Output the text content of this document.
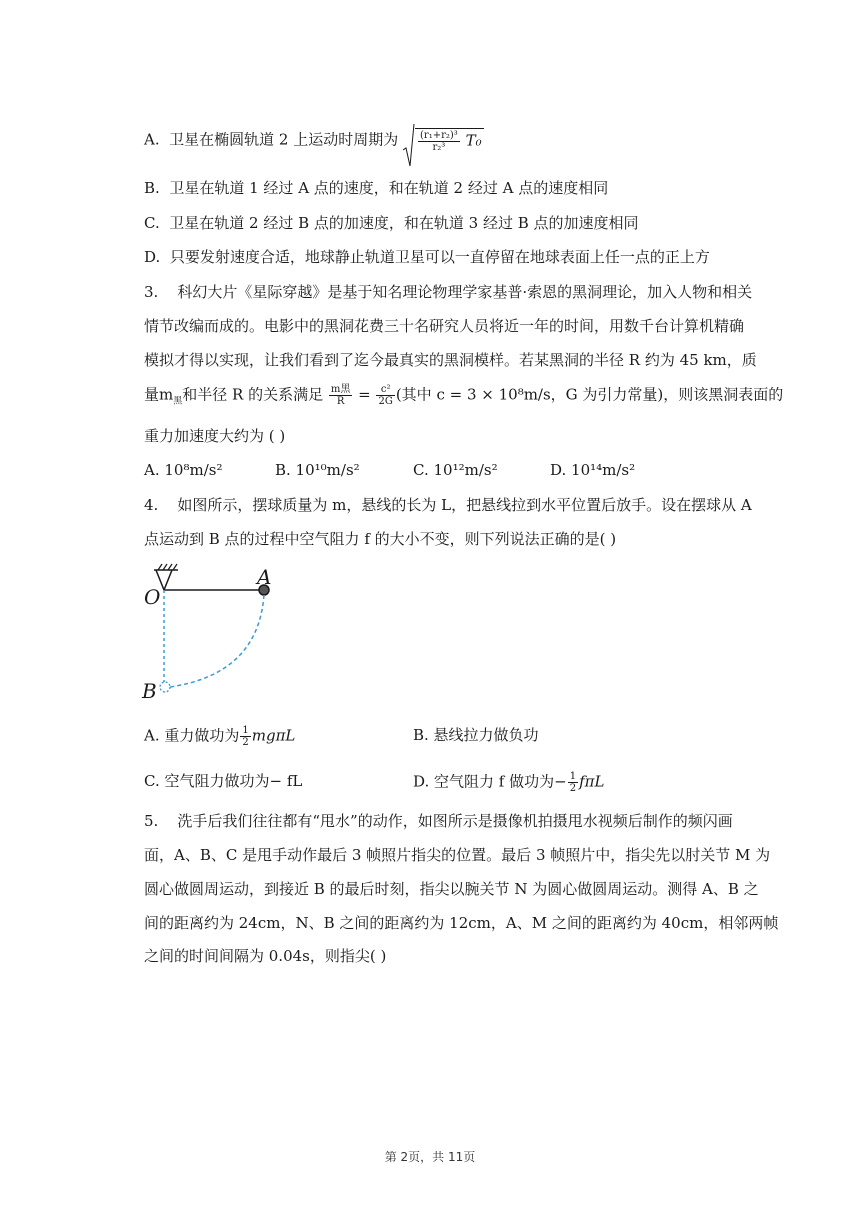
A. 卫星在椭圆轨道 2 上运动时周期为 $\frac{\text{(r₁+r₂)³}}{\text{r₂³}} T_0$
B. 卫星在轨道 1 经过 A 点的速度，和在轨道 2 经过 A 点的速度相同
C. 卫星在轨道 2 经过 B 点的加速度，和在轨道 3 经过 B 点的加速度相同
D. 只要发射速度合适，地球静止轨道卫星可以一直停留在地球表面上任一点的正上方
3. 科幻大片《星际穿越》是基于知名理论物理学家基普·索恩的黑洞理论，加入人物和相关
情节改编而成的。电影中的黑洞花费三十名研究人员将近一年的时间，用数千台计算机精确
模拟才得以实现，让我们看到了迄今最真实的黑洞模样。若某黑洞的半径 R 约为 45 km，质
量$m_黑$和半径 R 的关系满足 $\frac{\text{m黑}}{R} = \frac{\text{c²}}{2G}$ (其中 c = 3 × 10⁸m/s，G 为引力常量)，则该黑洞表面的
重力加速度大约为 ( )
A. 10⁸m/s²	B. 10¹⁰m/s²	C. 10¹²m/s²	D. 10¹⁴m/s²
4. 如图所示，摆球质量为 m，悬线的长为 L，把悬线拉到水平位置后放手。设在摆球从 A
点运动到 B 点的过程中空气阻力 f 的大小不变，则下列说法正确的是( )
O
A
B
A. 重力做功为 $\frac{1}{2}$ mgπL	B. 悬线拉力做负功
C. 空气阻力做功为− fL	D. 空气阻力 f 做功为− $\frac{1}{2}$ fπL
5. 洗手后我们往往都有“甩水”的动作，如图所示是摄像机拍摄甩水视频后制作的频闪画
面，A、B、C 是甩手动作最后 3 帧照片指尖的位置。最后 3 帧照片中，指尖先以肘关节 M 为
圆心做圆周运动，到接近 B 的最后时刻，指尖以腕关节 N 为圆心做圆周运动。测得 A、B 之
间的距离约为 24cm，N、B 之间的距离约为 12cm，A、M 之间的距离约为 40cm，相邻两帧
之间的时间间隔为 0.04s，则指尖( )
第 2页，共 11页
